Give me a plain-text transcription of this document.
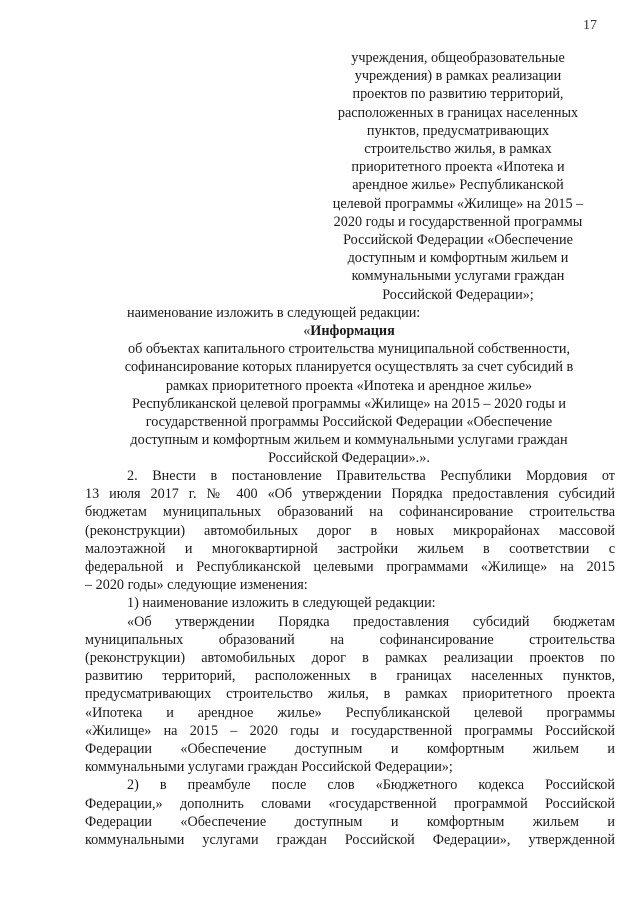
17

учреждения, общеобразовательные

учреждения) в рамках реализации

проектов по развитию территорий,

расположенных в границах населенных

пунктов, предусматривающих

строительство жилья, в рамках

приоритетного проекта «Ипотека и

арендное жилье» Республиканской

целевой программы «Жилище» на 2015 –

2020 годы и государственной программы

Российской Федерации «Обеспечение

доступным и комфортным жильем и

коммунальными услугами граждан

Российской Федерации»;

наименование изложить в следующей редакции:

«Информация

об объектах капитального строительства муниципальной собственности,

софинансирование которых планируется осуществлять за счет субсидий в

рамках приоритетного проекта «Ипотека и арендное жилье»

Республиканской целевой программы «Жилище» на 2015 – 2020 годы и

государственной программы Российской Федерации «Обеспечение

доступным и комфортным жильем и коммунальными услугами граждан

Российской Федерации».».

2. Внести в постановление Правительства Республики Мордовия от
13 июля 2017 г. № 400 «Об утверждении Порядка предоставления субсидий
бюджетам муниципальных образований на софинансирование строительства
(реконструкции) автомобильных дорог в новых микрорайонах массовой
малоэтажной и многоквартирной застройки жильем в соответствии с
федеральной и Республиканской целевыми программами «Жилище» на 2015
– 2020 годы» следующие изменения:
1) наименование изложить в следующей редакции:
«Об утверждении Порядка предоставления субсидий бюджетам
муниципальных образований на софинансирование строительства
(реконструкции) автомобильных дорог в рамках реализации проектов по
развитию территорий, расположенных в границах населенных пунктов,
предусматривающих строительство жилья, в рамках приоритетного проекта
«Ипотека и арендное жилье» Республиканской целевой программы
«Жилище» на 2015 – 2020 годы и государственной программы Российской
Федерации «Обеспечение доступным и комфортным жильем и
коммунальными услугами граждан Российской Федерации»;
2) в преамбуле после слов «Бюджетного кодекса Российской
Федерации,» дополнить словами «государственной программой Российской
Федерации «Обеспечение доступным и комфортным жильем и
коммунальными услугами граждан Российской Федерации», утвержденной
